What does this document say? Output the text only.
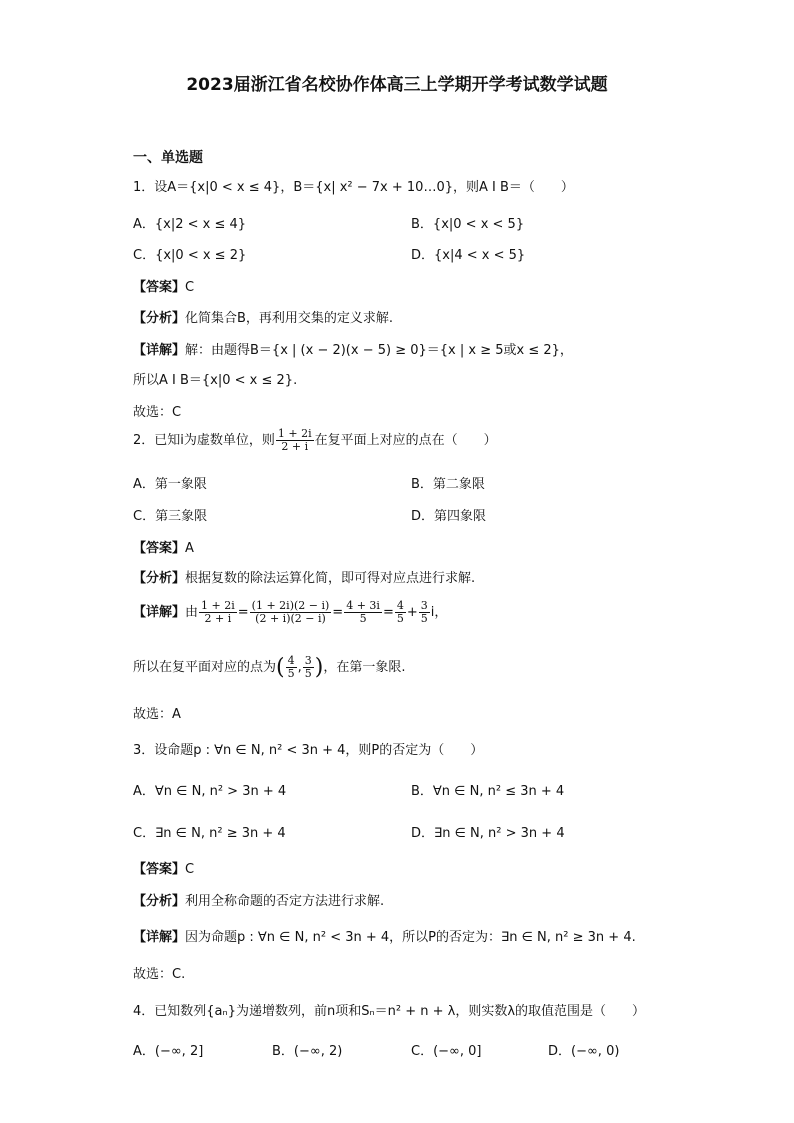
2023届浙江省名校协作体高三上学期开学考试数学试题
一、单选题
1．设A＝{x|0 < x ≤ 4}，B＝{x| x² − 7x + 10…0}，则A I B＝（　　）
A．{x|2 < x ≤ 4}	B．{x|0 < x < 5}
C．{x|0 < x ≤ 2}	D．{x|4 < x < 5}
【答案】C
【分析】化简集合B，再利用交集的定义求解.
【详解】解：由题得B＝{x | (x − 2)(x − 5) ≥ 0}＝{x | x ≥ 5或x ≤ 2}，
所以A I B＝{x|0 < x ≤ 2}.
故选：C
2．已知i为虚数单位，则 $\frac{1 + 2i}{2 + i}$ 在复平面上对应的点在（　　）
A．第一象限	B．第二象限
C．第三象限	D．第四象限
【答案】A
【分析】根据复数的除法运算化简，即可得对应点进行求解.
【详解】由 $\frac{1 + 2i}{2 + i} = \frac{(1 + 2i)(2 - i)}{(2 + i)(2 - i)} = \frac{4 + 3i}{5} = \frac{4}{5} + \frac{3}{5}$ i，
所以在复平面对应的点为( $\frac{4}{5}$ , $\frac{3}{5}$ )，在第一象限.
故选：A
3．设命题p : ∀n ∈ N, n² < 3n + 4，则P的否定为（　　）
A．∀n ∈ N, n² > 3n + 4	B．∀n ∈ N, n² ≤ 3n + 4
C．∃n ∈ N, n² ≥ 3n + 4	D．∃n ∈ N, n² > 3n + 4
【答案】C
【分析】利用全称命题的否定方法进行求解.
【详解】因为命题p : ∀n ∈ N, n² < 3n + 4，所以P的否定为：∃n ∈ N, n² ≥ 3n + 4.
故选：C.
4．已知数列{aₙ}为递增数列，前n项和Sₙ＝n² + n + λ，则实数λ的取值范围是（　　）
A．(−∞, 2]	B．(−∞, 2)	C．(−∞, 0]	D．(−∞, 0)
